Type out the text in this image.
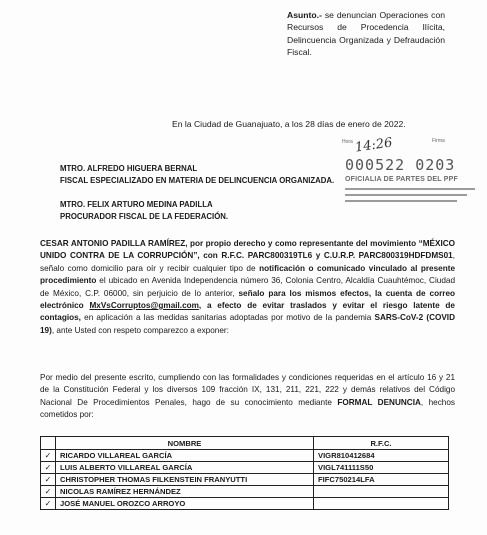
Asunto.- se denuncian Operaciones con Recursos de Procedencia Ilícita, Delincuencia Organizada y Defraudación Fiscal.
En la Ciudad de Guanajuato, a los 28 días de enero de 2022.
Hora 14:26	Firma
000522 0203
OFICIALIA DE PARTES DEL PPF
MTRO. ALFREDO HIGUERA BERNAL
FISCAL ESPECIALIZADO EN MATERIA DE DELINCUENCIA ORGANIZADA.
MTRO. FELIX ARTURO MEDINA PADILLA
PROCURADOR FISCAL DE LA FEDERACIÓN.
CESAR ANTONIO PADILLA RAMÍREZ, por propio derecho y como representante del movimiento “MÉXICO UNIDO CONTRA DE LA CORRUPCIÓN”, con R.F.C. PARC800319TL6 y C.U.R.P. PARC800319HDFDMS01, señalo como domicilio para oír y recibir cualquier tipo de notificación o comunicado vinculado al presente procedimiento el ubicado en Avenida Independencia número 36, Colonia Centro, Alcaldía Cuauhtémoc, Ciudad de México, C.P. 06000, sin perjuicio de lo anterior, señalo para los mismos efectos, la cuenta de correo electrónico MxVsCorruptos@gmail.com, a efecto de evitar traslados y evitar el riesgo latente de contagios, en aplicación a las medidas sanitarias adoptadas por motivo de la pandemia SARS-CoV-2 (COVID 19), ante Usted con respeto comparezco a exponer:
Por medio del presente escrito, cumpliendo con las formalidades y condiciones requeridas en el artículo 16 y 21 de la Constitución Federal y los diversos 109 fracción IX, 131, 211, 221, 222 y demás relativos del Código Nacional De Procedimientos Penales, hago de su conocimiento mediante FORMAL DENUNCIA, hechos cometidos por:
	NOMBRE	R.F.C.
✓	RICARDO VILLAREAL GARCÍA	VIGR810412684
✓	LUIS ALBERTO VILLAREAL GARCÍA	VIGL741111S50
✓	CHRISTOPHER THOMAS FILKENSTEIN FRANYUTTI	FIFC750214LFA
✓	NICOLAS RAMÍREZ HERNÁNDEZ	
✓	JOSÉ MANUEL OROZCO ARROYO	
